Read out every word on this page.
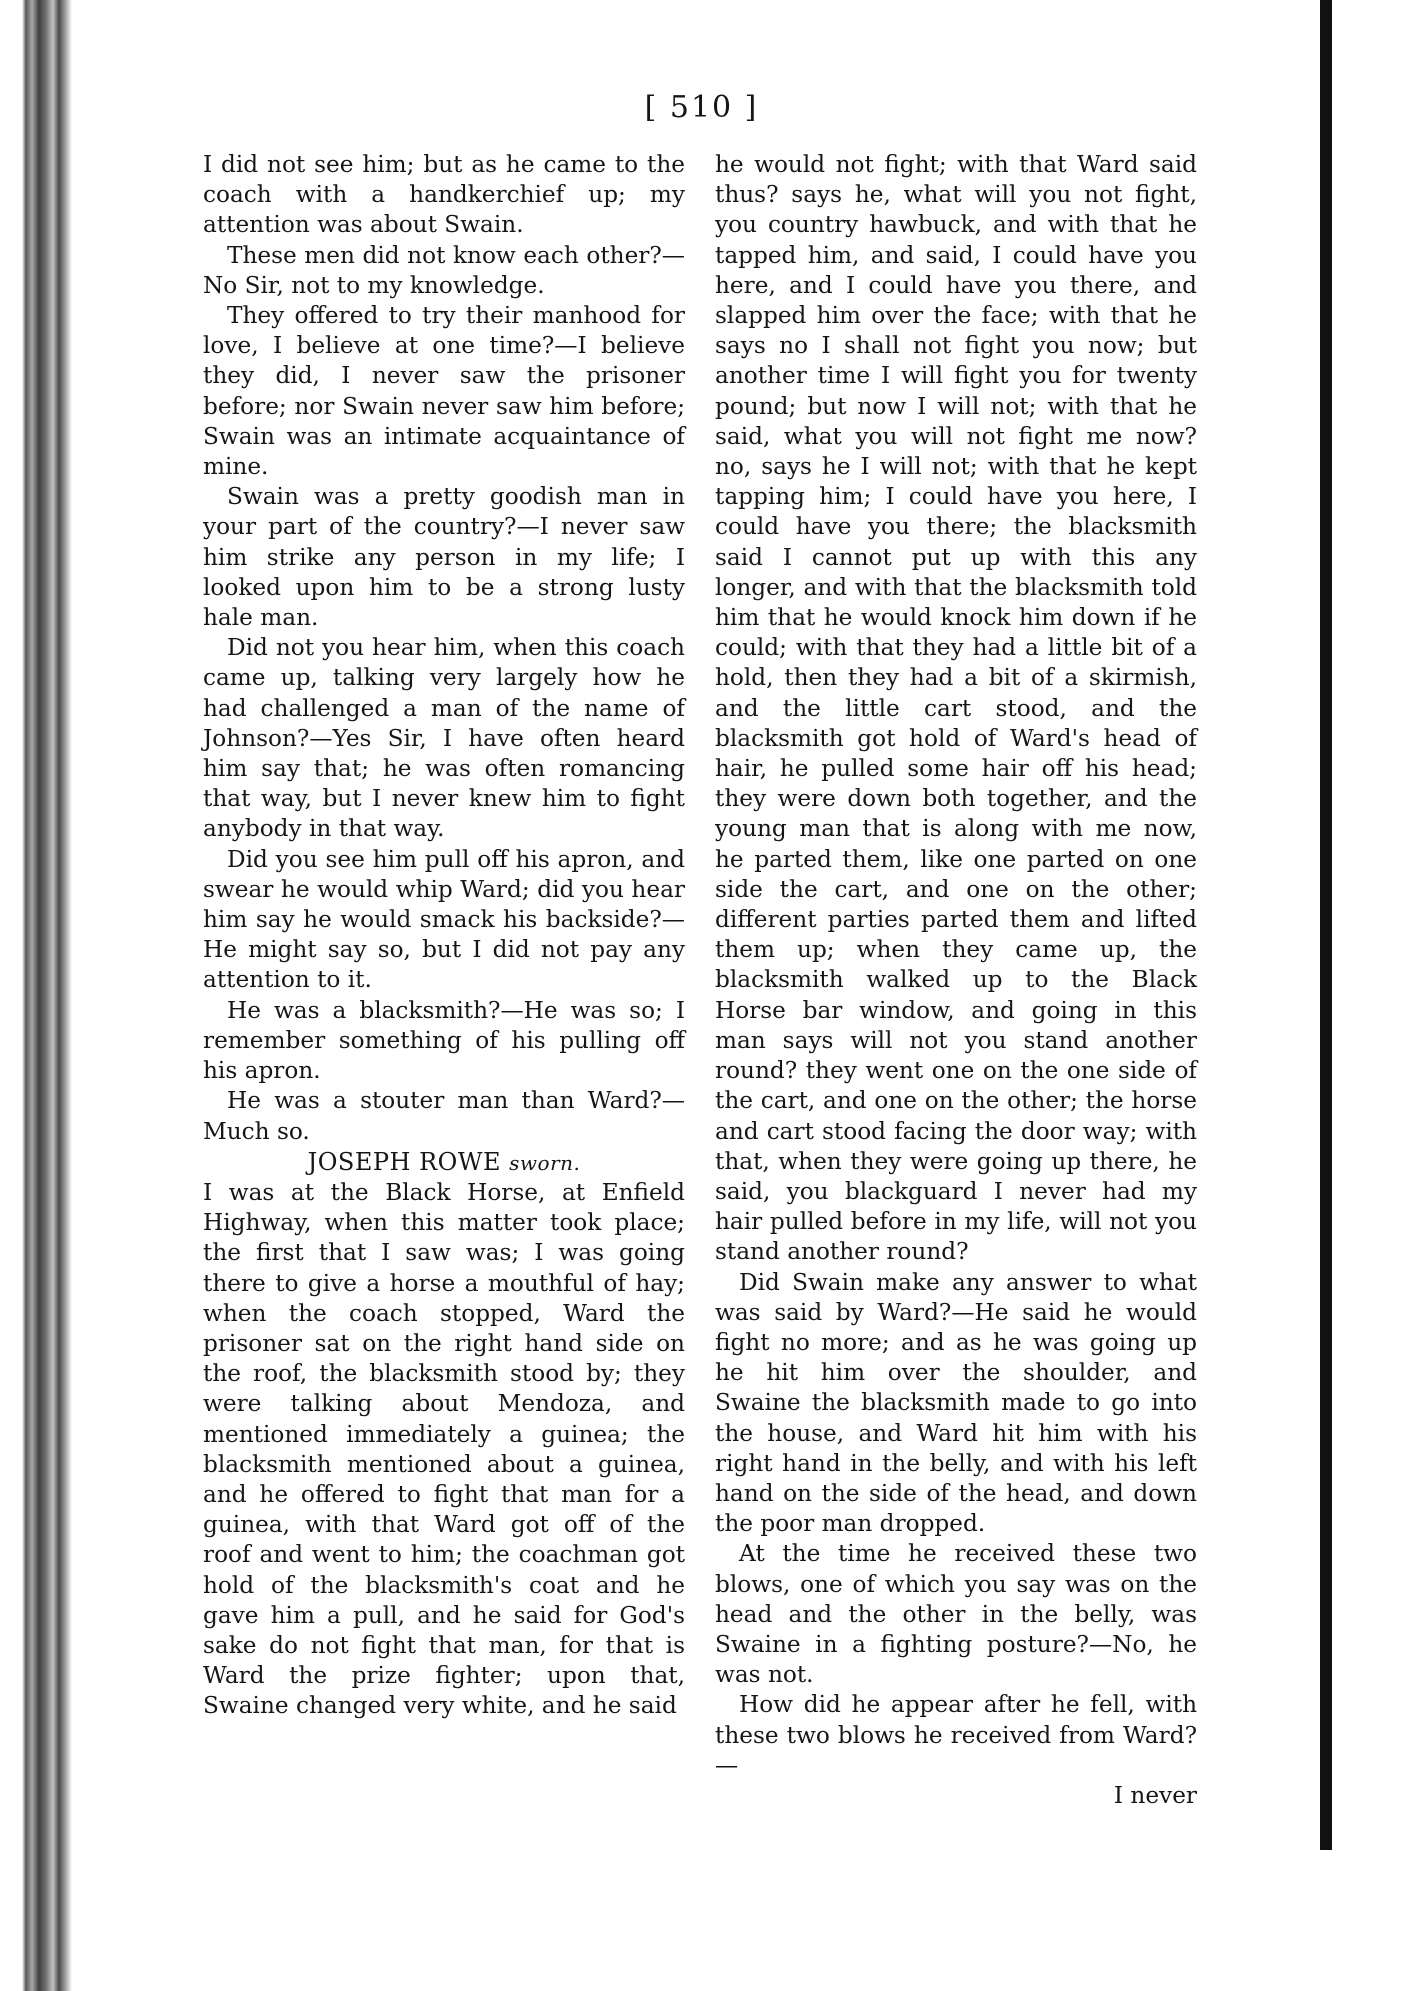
[ 510 ]

I did not see him; but as he came to the coach with a handkerchief up; my attention was about Swain.

These men did not know each other?—No Sir, not to my knowledge.

They offered to try their manhood for love, I believe at one time?—I believe they did, I never saw the prisoner before; nor Swain never saw him before; Swain was an intimate acquaintance of mine.

Swain was a pretty goodish man in your part of the country?—I never saw him strike any person in my life; I looked upon him to be a strong lusty hale man.

Did not you hear him, when this coach came up, talking very largely how he had challenged a man of the name of Johnson?—Yes Sir, I have often heard him say that; he was often romancing that way, but I never knew him to fight anybody in that way.

Did you see him pull off his apron, and swear he would whip Ward; did you hear him say he would smack his backside?—He might say so, but I did not pay any attention to it.

He was a blacksmith?—He was so; I remember something of his pulling off his apron.

He was a stouter man than Ward?—Much so.

JOSEPH ROWE sworn.

I was at the Black Horse, at Enfield Highway, when this matter took place; the first that I saw was; I was going there to give a horse a mouthful of hay; when the coach stopped, Ward the prisoner sat on the right hand side on the roof, the blacksmith stood by; they were talking about Mendoza, and mentioned immediately a guinea; the blacksmith mentioned about a guinea, and he offered to fight that man for a guinea, with that Ward got off of the roof and went to him; the coachman got hold of the blacksmith's coat and he gave him a pull, and he said for God's sake do not fight that man, for that is Ward the prize fighter; upon that, Swaine changed very white, and he said

he would not fight; with that Ward said thus? says he, what will you not fight, you country hawbuck, and with that he tapped him, and said, I could have you here, and I could have you there, and slapped him over the face; with that he says no I shall not fight you now; but another time I will fight you for twenty pound; but now I will not; with that he said, what you will not fight me now? no, says he I will not; with that he kept tapping him; I could have you here, I could have you there; the blacksmith said I cannot put up with this any longer, and with that the blacksmith told him that he would knock him down if he could; with that they had a little bit of a hold, then they had a bit of a skirmish, and the little cart stood, and the blacksmith got hold of Ward's head of hair, he pulled some hair off his head; they were down both together, and the young man that is along with me now, he parted them, like one parted on one side the cart, and one on the other; different parties parted them and lifted them up; when they came up, the blacksmith walked up to the Black Horse bar window, and going in this man says will not you stand another round? they went one on the one side of the cart, and one on the other; the horse and cart stood facing the door way; with that, when they were going up there, he said, you blackguard I never had my hair pulled before in my life, will not you stand another round?

Did Swain make any answer to what was said by Ward?—He said he would fight no more; and as he was going up he hit him over the shoulder, and Swaine the blacksmith made to go into the house, and Ward hit him with his right hand in the belly, and with his left hand on the side of the head, and down the poor man dropped.

At the time he received these two blows, one of which you say was on the head and the other in the belly, was Swaine in a fighting posture?—No, he was not.

How did he appear after he fell, with these two blows he received from Ward?—

I never
